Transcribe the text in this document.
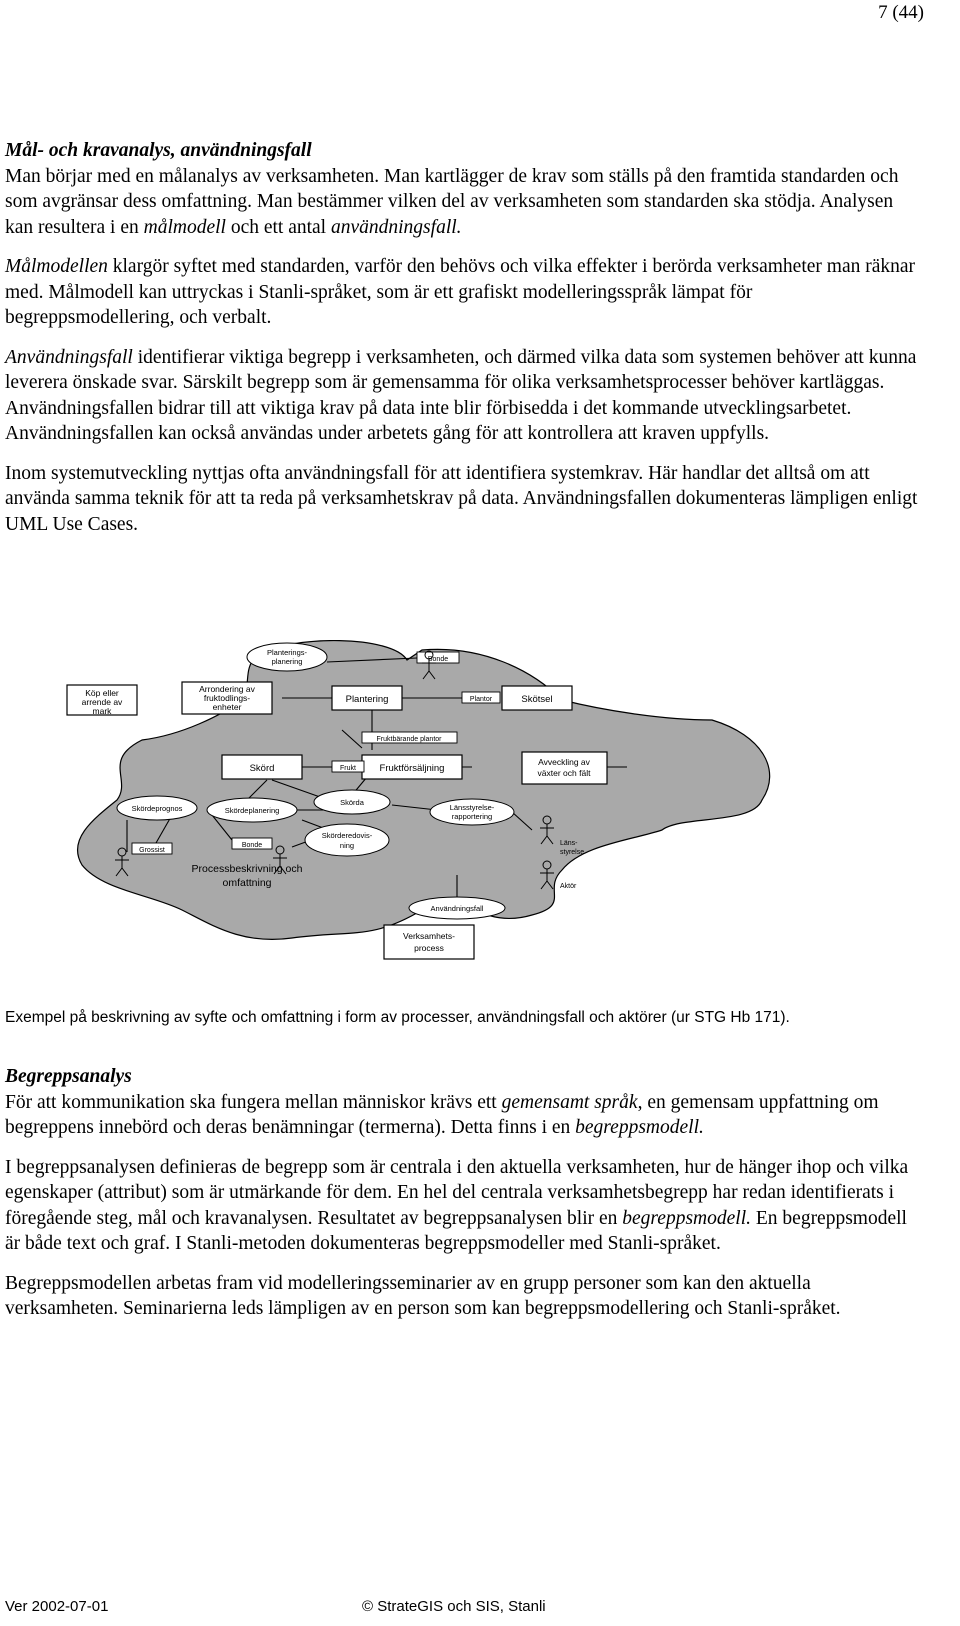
7 (44)

Mål- och kravanalys, användningsfall

Man börjar med en målanalys av verksamheten. Man kartlägger de krav som ställs på den framtida standarden och som avgränsar dess omfattning. Man bestämmer vilken del av verksamheten som standarden ska stödja. Analysen kan resultera i en målmodell och ett antal användningsfall.

Målmodellen klargör syftet med standarden, varför den behövs och vilka effekter i berörda verksamheter man räknar med. Målmodell kan uttryckas i Stanli-språket, som är ett grafiskt modelleringsspråk lämpat för begreppsmodellering, och verbalt.

Användningsfall identifierar viktiga begrepp i verksamheten, och därmed vilka data som systemen behöver att kunna leverera önskade svar. Särskilt begrepp som är gemensamma för olika verksamhetsprocesser behöver kartläggas. Användningsfallen bidrar till att viktiga krav på data inte blir förbisedda i det kommande utvecklingsarbetet. Användningsfallen kan också användas under arbetets gång för att kontrollera att kraven uppfylls.

Inom systemutveckling nyttjas ofta användningsfall för att identifiera systemkrav. Här handlar det alltså om att använda samma teknik för att ta reda på verksamhetskrav på data. Användningsfallen dokumenteras lämpligen enligt UML Use Cases.

Köp eller
arrende av
mark
Arrondering av
fruktodlings-
enheter
Plantering	Skötsel
Skörd	Fruktförsäljning
Avveckling av
växter och fält
Verksamhets-
process
Planterings-
planering
Skördeprognos	Skördeplanering
Skörda
Länsstyrelse-
rapportering
Skörderedovis-
ning
Användningsfall
Bonde
Plantor
Fruktbärande plantor
Frukt
Grossist
Bonde	Läns-
styrelse
Aktör
Processbeskrivning och
omfattning
Exempel på beskrivning av syfte och omfattning i form av processer, användningsfall och aktörer (ur STG Hb 171).

Begreppsanalys

För att kommunikation ska fungera mellan människor krävs ett gemensamt språk, en gemensam uppfattning om begreppens innebörd och deras benämningar (termerna). Detta finns i en begreppsmodell.

I begreppsanalysen definieras de begrepp som är centrala i den aktuella verksamheten, hur de hänger ihop och vilka egenskaper (attribut) som är utmärkande för dem. En hel del centrala verksamhetsbegrepp har redan identifierats i föregående steg, mål och kravanalysen. Resultatet av begreppsanalysen blir en begreppsmodell. En begreppsmodell är både text och graf. I Stanli-metoden dokumenteras begreppsmodeller med Stanli-språket.

Begreppsmodellen arbetas fram vid modelleringsseminarier av en grupp personer som kan den aktuella verksamheten. Seminarierna leds lämpligen av en person som kan begreppsmodellering och Stanli-språket.

Ver 2002-07-01	© StrateGIS och SIS, Stanli
